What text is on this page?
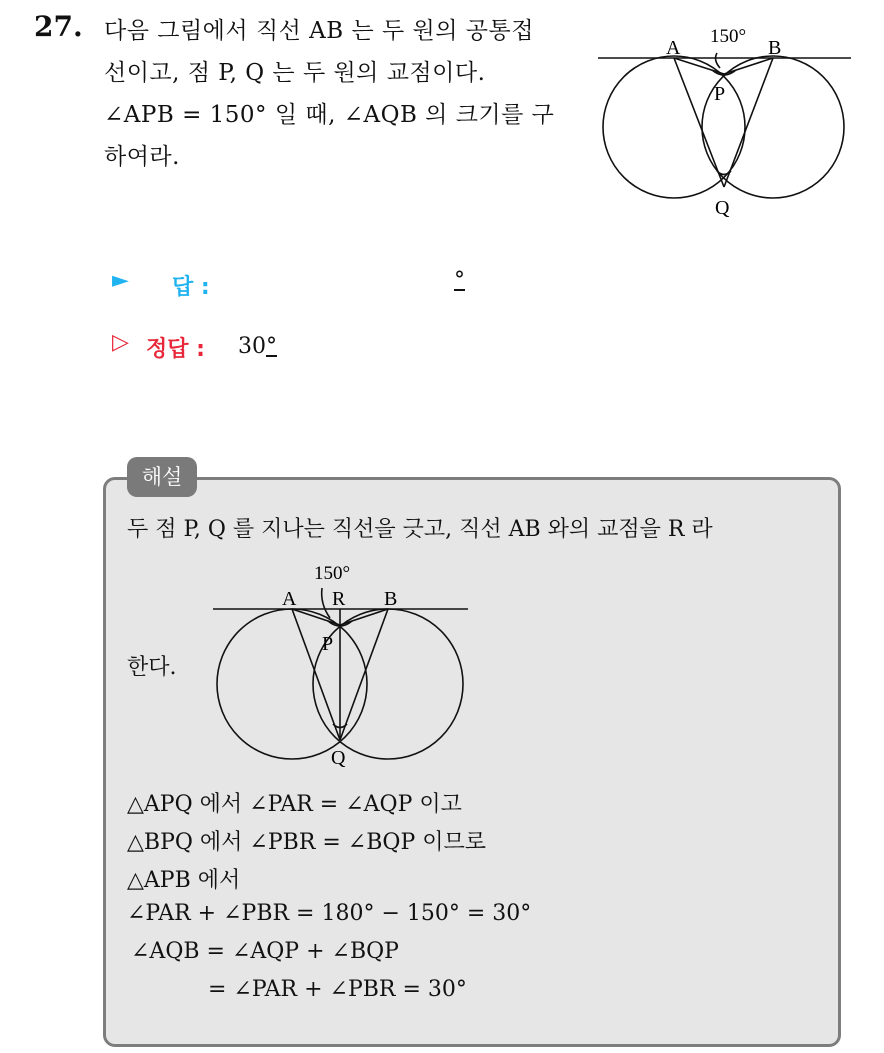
27. 다음 그림에서 직선 AB 는 두 원의 공통접
선이고, 점 P, Q 는 두 원의 교점이다.
∠APB = 150° 일 때, ∠AQB 의 크기를 구
하여라.
A	B
P
Q
150°
► 답 :	°
▷ 정답 : 30°
해설
두 점 P, Q 를 지나는 직선을 긋고, 직선 AB 와의 교점을 R 라
A R B
P
Q
150°
한다.
△APQ 에서 ∠PAR = ∠AQP 이고
△BPQ 에서 ∠PBR = ∠BQP 이므로
△APB 에서
∠PAR + ∠PBR = 180° − 150° = 30°
∠AQB = ∠AQP + ∠BQP
= ∠PAR + ∠PBR = 30°
